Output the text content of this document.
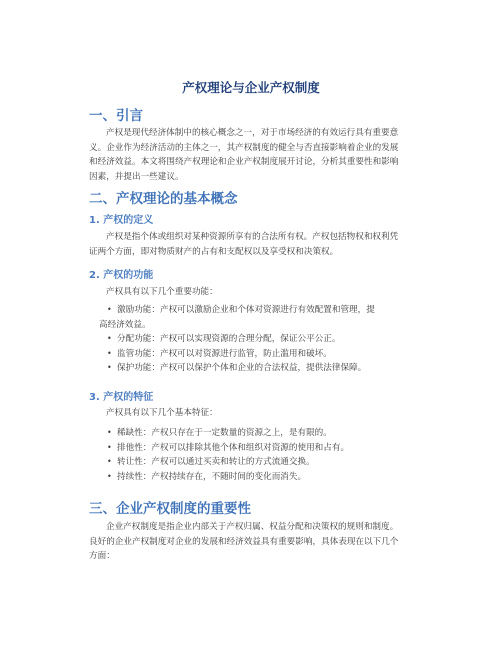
产权理论与企业产权制度
一、引言
产权是现代经济体制中的核心概念之一，对于市场经济的有效运行具有重要意
义。企业作为经济活动的主体之一，其产权制度的健全与否直接影响着企业的发展
和经济效益。本文将围绕产权理论和企业产权制度展开讨论，分析其重要性和影响
因素，并提出一些建议。
二、产权理论的基本概念
1. 产权的定义
产权是指个体或组织对某种资源所享有的合法所有权。产权包括物权和权利凭
证两个方面，即对物质财产的占有和支配权以及享受权和决策权。
2. 产权的功能
产权具有以下几个重要功能：
• 激励功能：产权可以激励企业和个体对资源进行有效配置和管理，提
高经济效益。
• 分配功能：产权可以实现资源的合理分配，保证公平公正。
• 监管功能：产权可以对资源进行监管，防止滥用和破坏。
• 保护功能：产权可以保护个体和企业的合法权益，提供法律保障。
3. 产权的特征
产权具有以下几个基本特征：
• 稀缺性：产权只存在于一定数量的资源之上，是有限的。
• 排他性：产权可以排除其他个体和组织对资源的使用和占有。
• 转让性：产权可以通过买卖和转让的方式流通交换。
• 持续性：产权持续存在，不随时间的变化而消失。
三、企业产权制度的重要性
企业产权制度是指企业内部关于产权归属、权益分配和决策权的规则和制度。
良好的企业产权制度对企业的发展和经济效益具有重要影响，具体表现在以下几个
方面：
